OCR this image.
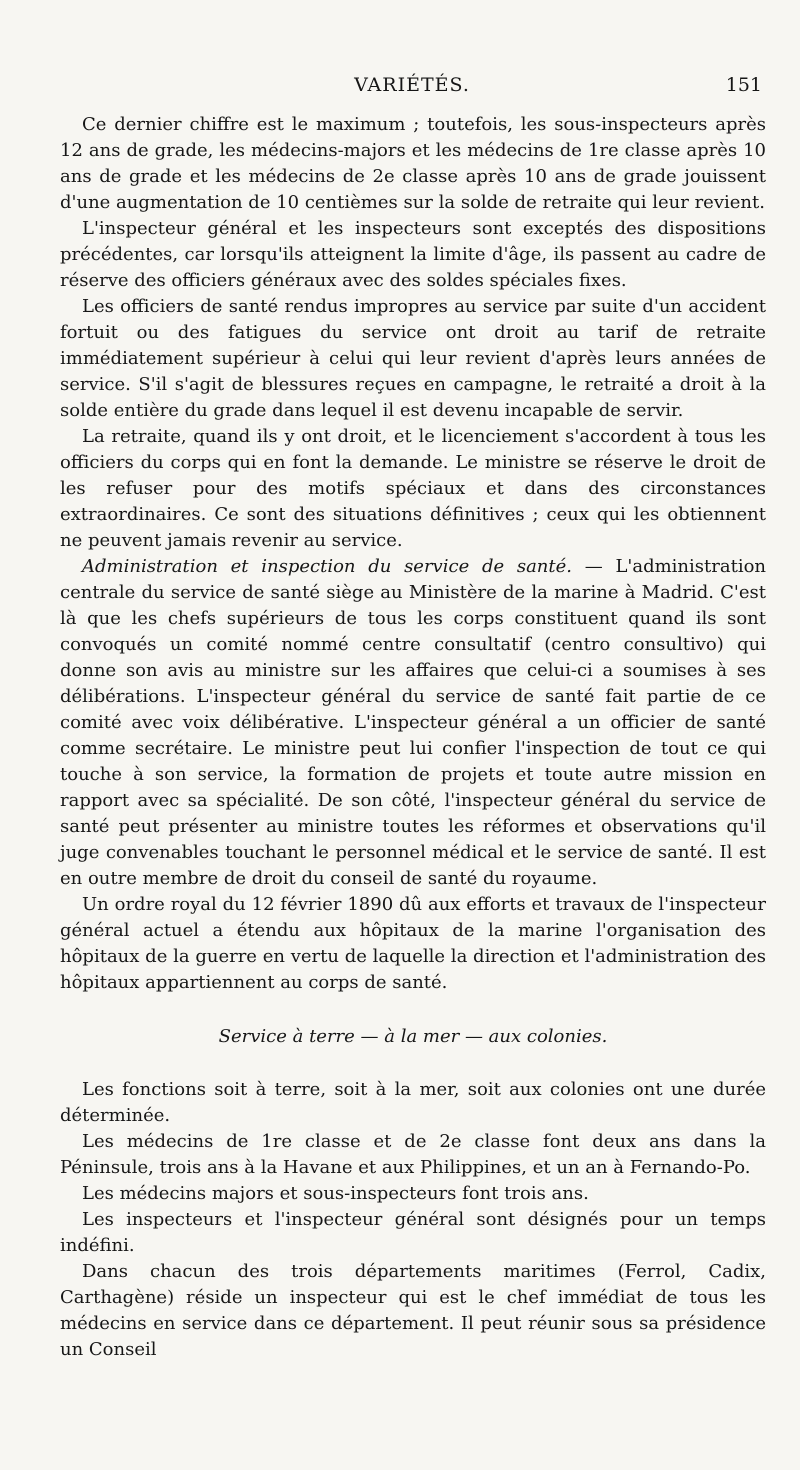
VARIÉTÉS.	151

Ce dernier chiffre est le maximum ; toutefois, les sous-inspecteurs après 12 ans de grade, les médecins-majors et les médecins de 1re classe après 10 ans de grade et les médecins de 2e classe après 10 ans de grade jouissent d'une augmentation de 10 centièmes sur la solde de retraite qui leur revient.

L'inspecteur général et les inspecteurs sont exceptés des dispositions précédentes, car lorsqu'ils atteignent la limite d'âge, ils passent au cadre de réserve des officiers généraux avec des soldes spéciales fixes.

Les officiers de santé rendus impropres au service par suite d'un accident fortuit ou des fatigues du service ont droit au tarif de retraite immédiatement supérieur à celui qui leur revient d'après leurs années de service. S'il s'agit de blessures reçues en campagne, le retraité a droit à la solde entière du grade dans lequel il est devenu incapable de servir.

La retraite, quand ils y ont droit, et le licenciement s'accordent à tous les officiers du corps qui en font la demande. Le ministre se réserve le droit de les refuser pour des motifs spéciaux et dans des circonstances extraordinaires. Ce sont des situations définitives ; ceux qui les obtiennent ne peuvent jamais revenir au service.

Administration et inspection du service de santé. — L'administration centrale du service de santé siège au Ministère de la marine à Madrid. C'est là que les chefs supérieurs de tous les corps constituent quand ils sont convoqués un comité nommé centre consultatif (centro consultivo) qui donne son avis au ministre sur les affaires que celui-ci a soumises à ses délibérations. L'inspecteur général du service de santé fait partie de ce comité avec voix délibérative. L'inspecteur général a un officier de santé comme secrétaire. Le ministre peut lui confier l'inspection de tout ce qui touche à son service, la formation de projets et toute autre mission en rapport avec sa spécialité. De son côté, l'inspecteur général du service de santé peut présenter au ministre toutes les réformes et observations qu'il juge convenables touchant le personnel médical et le service de santé. Il est en outre membre de droit du conseil de santé du royaume.

Un ordre royal du 12 février 1890 dû aux efforts et travaux de l'inspecteur général actuel a étendu aux hôpitaux de la marine l'organisation des hôpitaux de la guerre en vertu de laquelle la direction et l'administration des hôpitaux appartiennent au corps de santé.

Service à terre — à la mer — aux colonies.

Les fonctions soit à terre, soit à la mer, soit aux colonies ont une durée déterminée.

Les médecins de 1re classe et de 2e classe font deux ans dans la Péninsule, trois ans à la Havane et aux Philippines, et un an à Fernando-Po.

Les médecins majors et sous-inspecteurs font trois ans.

Les inspecteurs et l'inspecteur général sont désignés pour un temps indéfini.

Dans chacun des trois départements maritimes (Ferrol, Cadix, Carthagène) réside un inspecteur qui est le chef immédiat de tous les médecins en service dans ce département. Il peut réunir sous sa présidence un Conseil
